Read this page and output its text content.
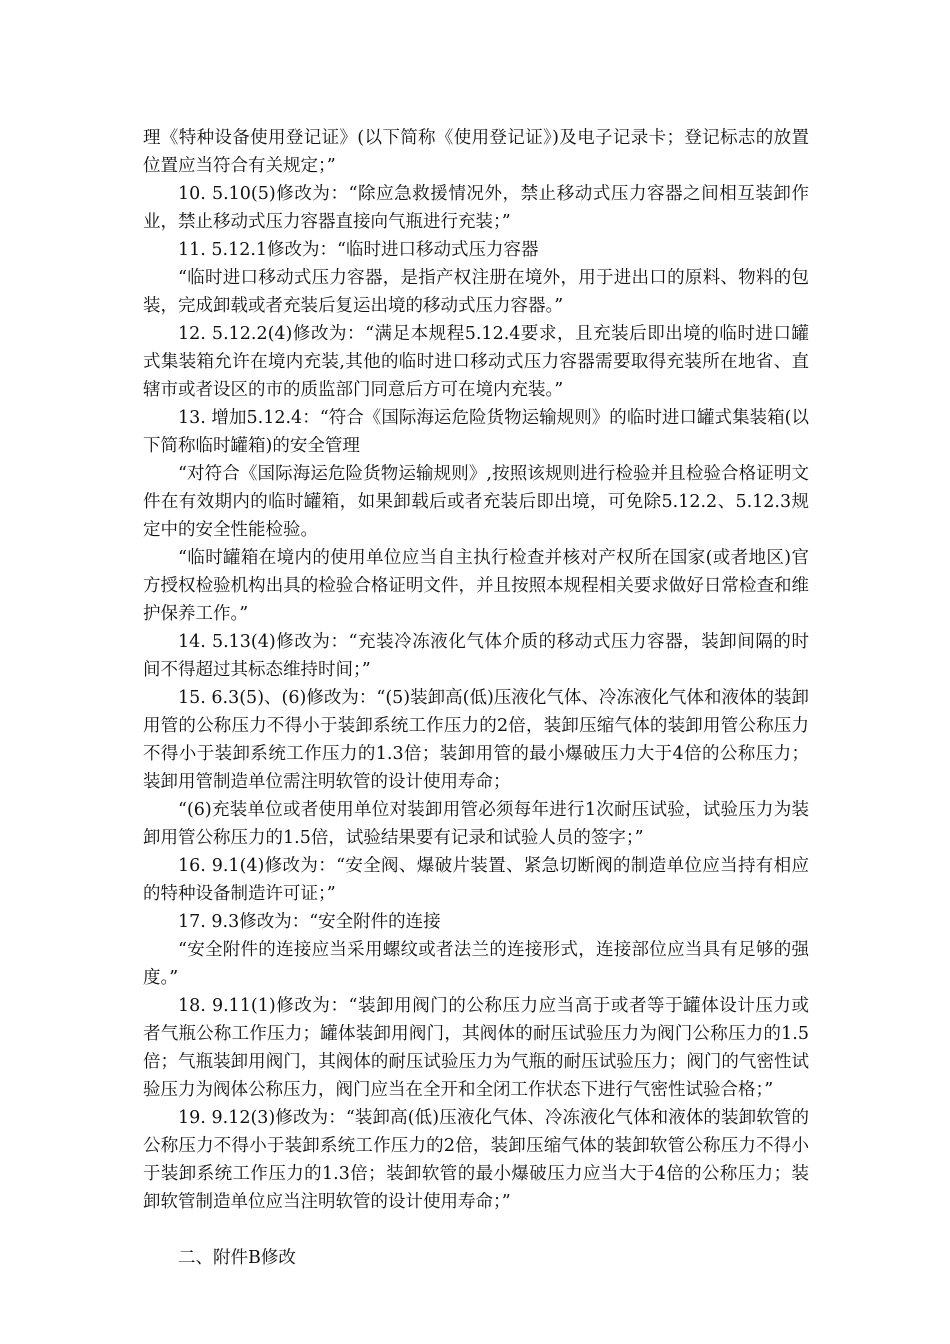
理《特种设备使用登记证》(以下简称《使用登记证》)及电子记录卡；登记标志的放置位置应当符合有关规定；”

10. 5.10(5)修改为：“除应急救援情况外，禁止移动式压力容器之间相互装卸作业，禁止移动式压力容器直接向气瓶进行充装；”

11. 5.12.1修改为：“临时进口移动式压力容器

“临时进口移动式压力容器，是指产权注册在境外，用于进出口的原料、物料的包装，完成卸载或者充装后复运出境的移动式压力容器。”

12. 5.12.2(4)修改为：“满足本规程5.12.4要求，且充装后即出境的临时进口罐式集装箱允许在境内充装,其他的临时进口移动式压力容器需要取得充装所在地省、直辖市或者设区的市的质监部门同意后方可在境内充装。”

13. 增加5.12.4：“符合《国际海运危险货物运输规则》的临时进口罐式集装箱(以下简称临时罐箱)的安全管理

“对符合《国际海运危险货物运输规则》,按照该规则进行检验并且检验合格证明文件在有效期内的临时罐箱，如果卸载后或者充装后即出境，可免除5.12.2、5.12.3规定中的安全性能检验。

“临时罐箱在境内的使用单位应当自主执行检查并核对产权所在国家(或者地区)官方授权检验机构出具的检验合格证明文件，并且按照本规程相关要求做好日常检查和维护保养工作。”

14. 5.13(4)修改为：“充装冷冻液化气体介质的移动式压力容器，装卸间隔的时间不得超过其标态维持时间；”

15. 6.3(5)、(6)修改为：“(5)装卸高(低)压液化气体、冷冻液化气体和液体的装卸用管的公称压力不得小于装卸系统工作压力的2倍，装卸压缩气体的装卸用管公称压力不得小于装卸系统工作压力的1.3倍；装卸用管的最小爆破压力大于4倍的公称压力；装卸用管制造单位需注明软管的设计使用寿命；

“(6)充装单位或者使用单位对装卸用管必须每年进行1次耐压试验，试验压力为装卸用管公称压力的1.5倍，试验结果要有记录和试验人员的签字；”

16. 9.1(4)修改为：“安全阀、爆破片装置、紧急切断阀的制造单位应当持有相应的特种设备制造许可证；”

17. 9.3修改为：“安全附件的连接

“安全附件的连接应当采用螺纹或者法兰的连接形式，连接部位应当具有足够的强度。”

18. 9.11(1)修改为：“装卸用阀门的公称压力应当高于或者等于罐体设计压力或者气瓶公称工作压力；罐体装卸用阀门，其阀体的耐压试验压力为阀门公称压力的1.5倍；气瓶装卸用阀门，其阀体的耐压试验压力为气瓶的耐压试验压力；阀门的气密性试验压力为阀体公称压力，阀门应当在全开和全闭工作状态下进行气密性试验合格；”

19. 9.12(3)修改为：“装卸高(低)压液化气体、冷冻液化气体和液体的装卸软管的公称压力不得小于装卸系统工作压力的2倍，装卸压缩气体的装卸软管公称压力不得小于装卸系统工作压力的1.3倍；装卸软管的最小爆破压力应当大于4倍的公称压力；装卸软管制造单位应当注明软管的设计使用寿命；”

二、附件B修改
